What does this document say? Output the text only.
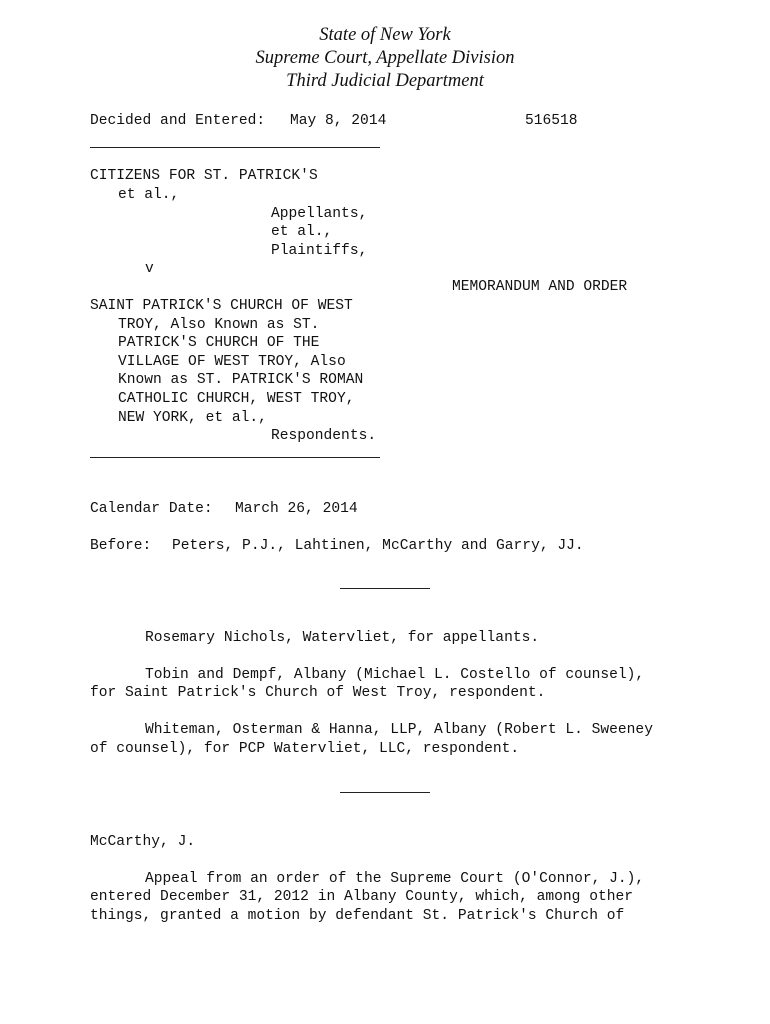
State of New York
Supreme Court, Appellate Division
Third Judicial Department
Decided and Entered: May 8, 2014	516518
CITIZENS FOR ST. PATRICK'S
et al.,
Appellants,
et al.,
Plaintiffs,
v
MEMORANDUM AND ORDER
SAINT PATRICK'S CHURCH OF WEST
TROY, Also Known as ST.
PATRICK'S CHURCH OF THE
VILLAGE OF WEST TROY, Also
Known as ST. PATRICK'S ROMAN
CATHOLIC CHURCH, WEST TROY,
NEW YORK, et al.,
Respondents.
Calendar Date: March 26, 2014
Before: Peters, P.J., Lahtinen, McCarthy and Garry, JJ.
Rosemary Nichols, Watervliet, for appellants.
Tobin and Dempf, Albany (Michael L. Costello of counsel),
for Saint Patrick's Church of West Troy, respondent.
Whiteman, Osterman & Hanna, LLP, Albany (Robert L. Sweeney
of counsel), for PCP Watervliet, LLC, respondent.
McCarthy, J.
Appeal from an order of the Supreme Court (O'Connor, J.),
entered December 31, 2012 in Albany County, which, among other
things, granted a motion by defendant St. Patrick's Church of
